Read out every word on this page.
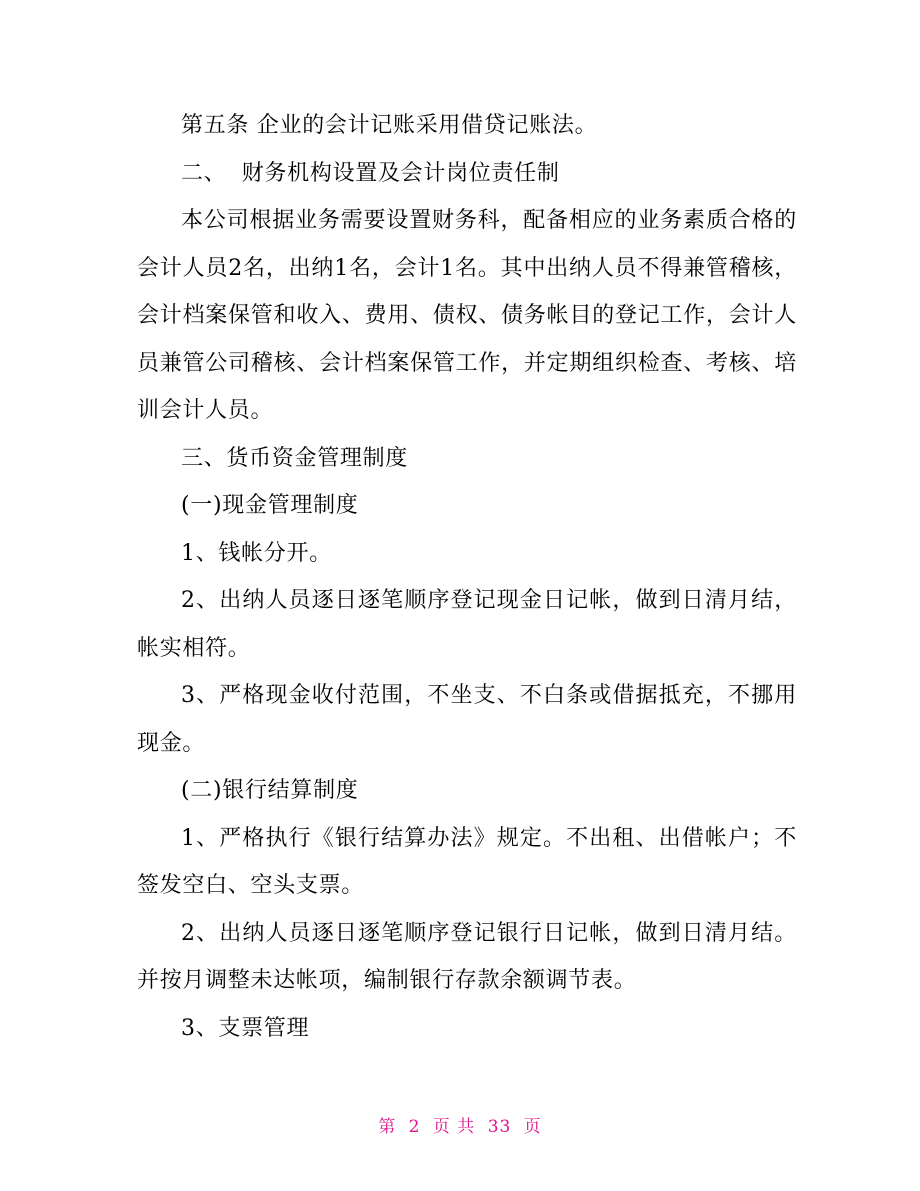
第五条 企业的会计记账采用借贷记账法。

二、  财务机构设置及会计岗位责任制

本公司根据业务需要设置财务科，配备相应的业务素质合格的会计人员2名，出纳1名，会计1名。其中出纳人员不得兼管稽核，会计档案保管和收入、费用、债权、债务帐目的登记工作，会计人员兼管公司稽核、会计档案保管工作，并定期组织检查、考核、培训会计人员。

三、货币资金管理制度

(一)现金管理制度

1、钱帐分开。

2、出纳人员逐日逐笔顺序登记现金日记帐，做到日清月结，帐实相符。

3、严格现金收付范围，不坐支、不白条或借据抵充，不挪用现金。

(二)银行结算制度

1、严格执行《银行结算办法》规定。不出租、出借帐户；不签发空白、空头支票。

2、出纳人员逐日逐笔顺序登记银行日记帐，做到日清月结。并按月调整未达帐项，编制银行存款余额调节表。

3、支票管理

第 2 页 共 33 页
